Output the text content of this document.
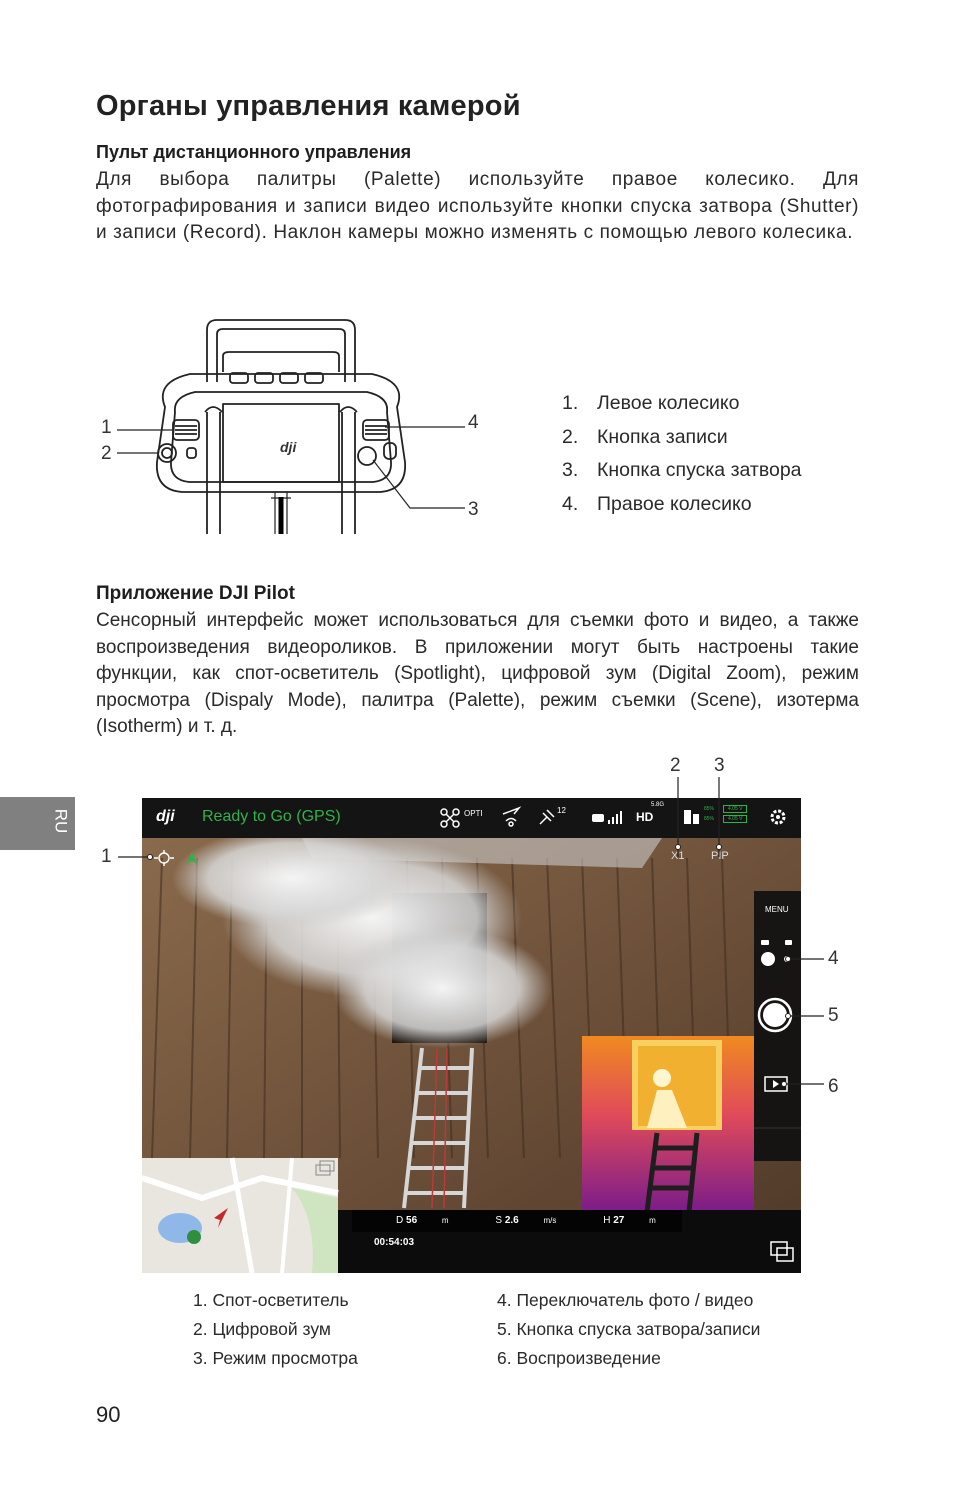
Органы управления камерой
Пульт дистанционного управления
Для выбора палитры (Palette) используйте правое колесико. Для фотографирования и записи видео используйте кнопки спуска затвора (Shutter) и записи (Record). Наклон камеры можно изменять с помощью левого колесика.
dji
1
2
3
4
1. Левое колесико
2. Кнопка записи
3. Кнопка спуска затвора
4. Правое колесико
Приложение DJI Pilot
Сенсорный интерфейс может использоваться для съемки фото и видео, а также воспроизведения видеороликов. В приложении могут быть настроены такие функции, как спот-осветитель (Spotlight), цифровой зум (Digital Zoom), режим просмотра (Dispaly Mode), палитра (Palette), режим съемки (Scene), изотерма (Isotherm) и т. д.
RU	dji Ready to Go (GPS)	OPTI	12
5.8G
HD
85%
85%
4.05 V
4.05 V
X1 PIP
MENU
D 56	m	S 2.6	m/s	H 27	m 00:54:03
1
2 3
4
5
6
1. Спот-осветитель
2. Цифровой зум
3. Режим просмотра
4. Переключатель фото / видео
5. Кнопка спуска затвора/записи
6. Воспроизведение
90
